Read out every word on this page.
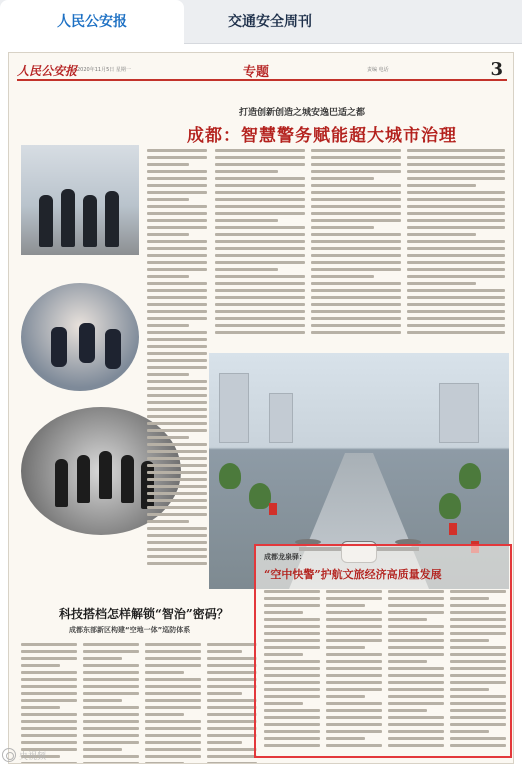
人民公安报	交通安全周刊
人民公安报 2020年11月5日 星期一	专题	责编 电话	3
打造创新创造之城安逸巴适之都
成都：智慧警务赋能超大城市治理
科技搭档怎样解锁“智治”密码？
成都东部新区构建“空地一体”巡防体系
成都龙泉驿：
“空中快警”护航文旅经济高质量发展
央视频
